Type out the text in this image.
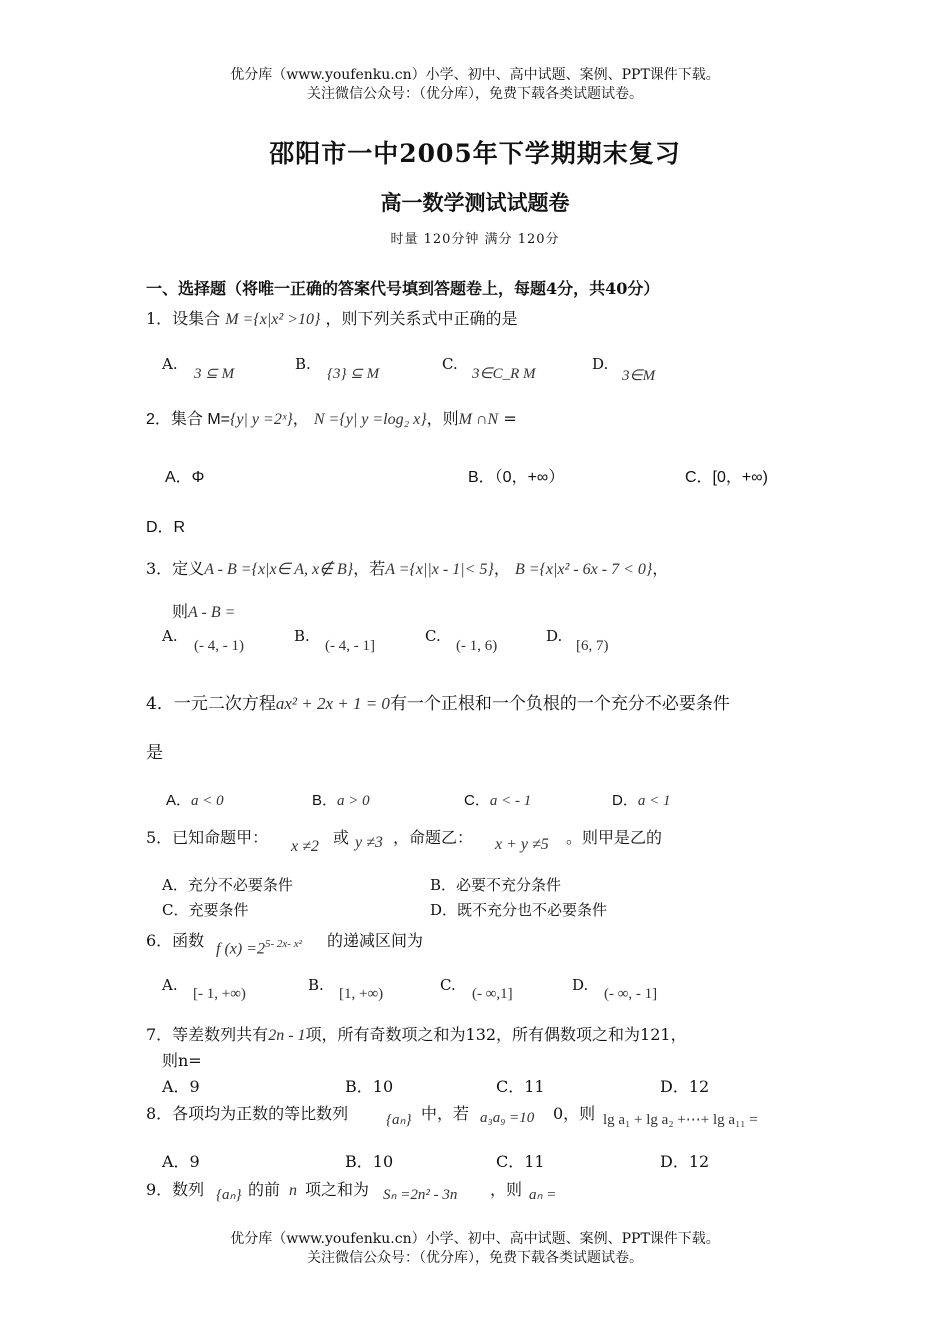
优分库（www.youfenku.cn）小学、初中、高中试题、案例、PPT课件下载。
关注微信公众号：（优分库），免费下载各类试题试卷。
邵阳市一中2005年下学期期末复习
高一数学测试试题卷
时量 120分钟 满分 120分
一、选择题（将唯一正确的答案代号填到答题卷上，每题4分，共40分）
1．设集合 M ={x|x² >10} ，则下列关系式中正确的是
A.
3 ⊆ M
B.
{3} ⊆ M
C.
3∈C_R M
D.
3∈M
2．集合 M={y| y =2ˣ}， N ={y| y =log₂ x}，则M ∩N =
A．Φ	B．（0，+∞）	C．[0，+∞)
D．R
3．定义A - B ={x|x∈ A, x∉ B}，若A ={x||x - 1|< 5}， B ={x|x² - 6x - 7 < 0}，
则A - B =
A.
(- 4, - 1)
B.
(- 4, - 1]
C.
(- 1, 6)
D.
[6, 7)
4．一元二次方程ax² + 2x + 1 = 0有一个正根和一个负根的一个充分不必要条件
是
A．a < 0	B．a > 0	C．a < - 1	D．a < 1
5．已知命题甲： x ≠2 或 y ≠3 ，命题乙： x + y ≠5 。则甲是乙的
A．充分不必要条件	B．必要不充分条件
C．充要条件	D．既不充分也不必要条件
6．函数 f $(x) =2^{5- 2x- x^2}$ 的递减区间为
A. [- 1, +∞)	B. [1, +∞)	C. (- ∞,1]	D. (- ∞, - 1]
7．等差数列共有2n - 1项，所有奇数项之和为132，所有偶数项之和为121，
则n=
A．9	B．10	C．11	D．12
8．各项均为正数的等比数列	{aₙ} 中，若 a₃a₉ =10 0，则 lg a₁ + lg a₂ +⋯+ lg a₁₁ =
A．9	B．10	C．11	D．12
9．数列 {aₙ} 的前 n 项之和为 Sₙ =2n² - 3n ，则 aₙ =
优分库（www.youfenku.cn）小学、初中、高中试题、案例、PPT课件下载。
关注微信公众号：（优分库），免费下载各类试题试卷。
